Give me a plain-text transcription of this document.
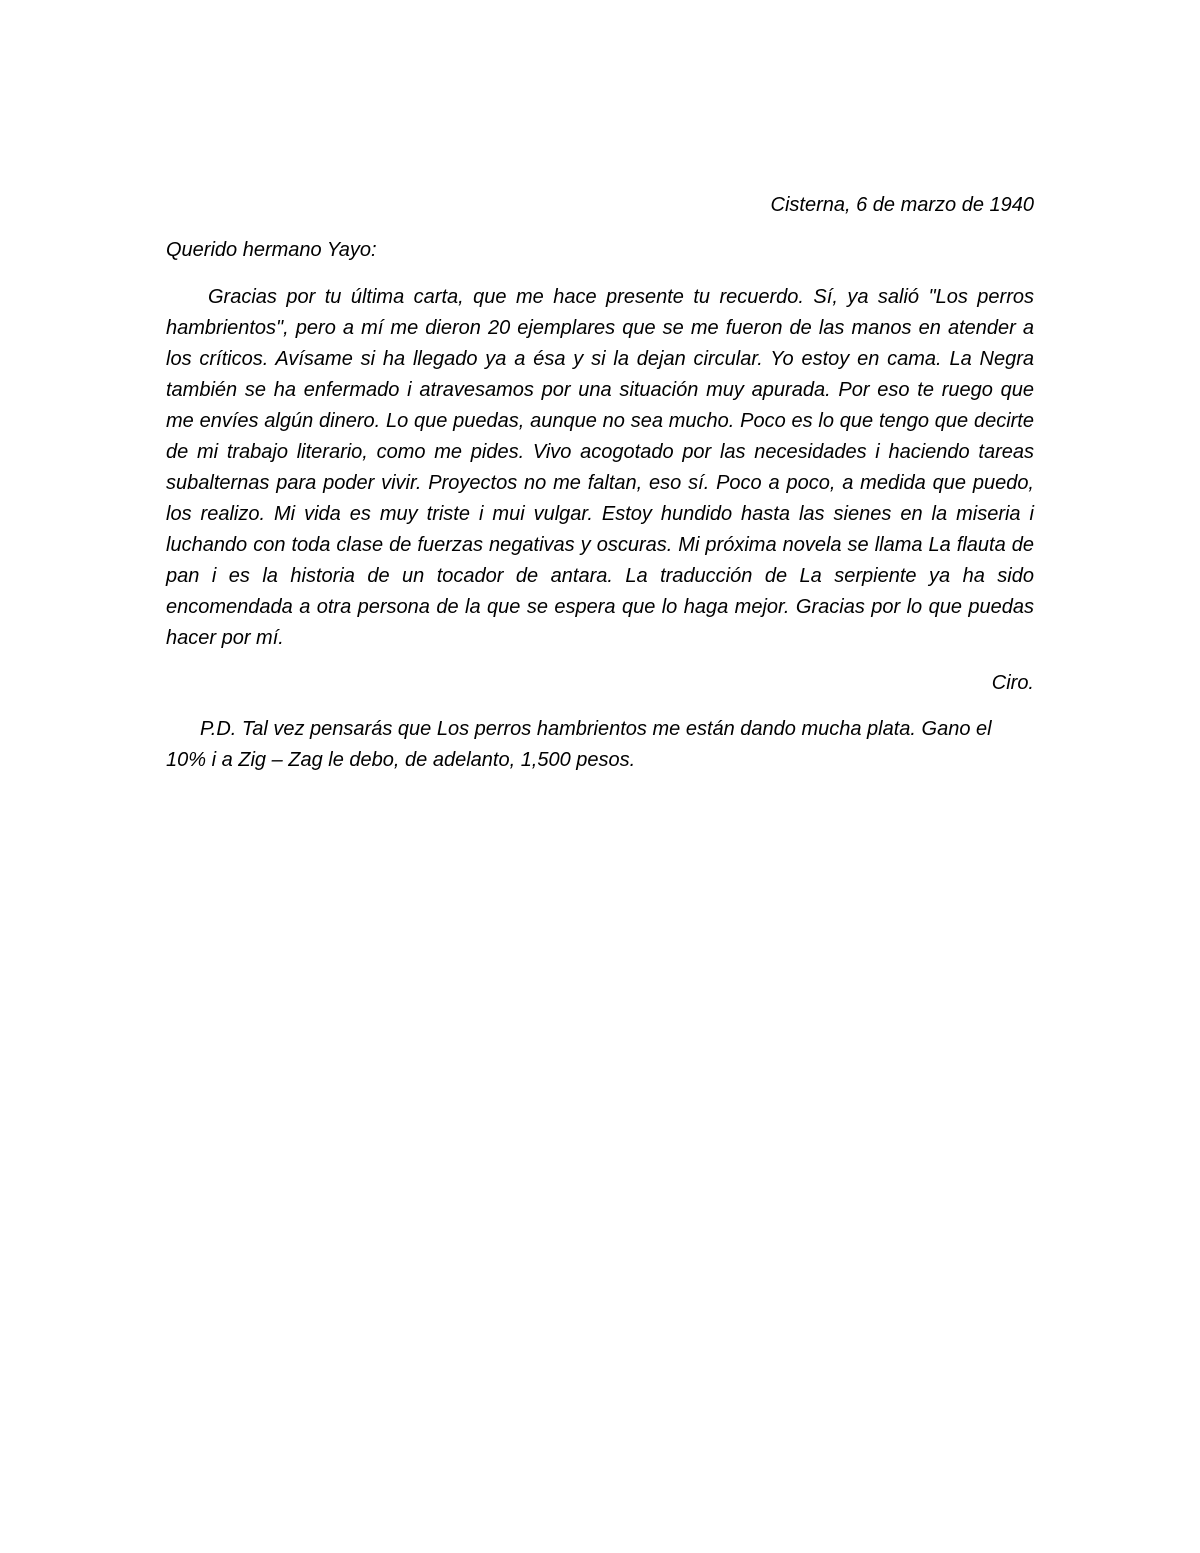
Cisterna, 6 de marzo de 1940

Querido hermano Yayo:

Gracias por tu última carta, que me hace presente tu recuerdo. Sí, ya salió "Los perros hambrientos", pero a mí me dieron 20 ejemplares que se me fueron de las manos en atender a los críticos. Avísame si ha llegado ya a ésa y si la dejan circular. Yo estoy en cama. La Negra también se ha enfermado i atravesamos por una situación muy apurada. Por eso te ruego que me envíes algún dinero. Lo que puedas, aunque no sea mucho. Poco es lo que tengo que decirte de mi trabajo literario, como me pides. Vivo acogotado por las necesidades i haciendo tareas subalternas para poder vivir. Proyectos no me faltan, eso sí. Poco a poco, a medida que puedo, los realizo. Mi vida es muy triste i mui vulgar. Estoy hundido hasta las sienes en la miseria i luchando con toda clase de fuerzas negativas y oscuras. Mi próxima novela se llama La flauta de pan i es la historia de un tocador de antara. La traducción de La serpiente ya ha sido encomendada a otra persona de la que se espera que lo haga mejor. Gracias por lo que puedas hacer por mí.

Ciro.

P.D. Tal vez pensarás que Los perros hambrientos me están dando mucha plata. Gano el 10% i a Zig – Zag le debo, de adelanto, 1,500 pesos.
